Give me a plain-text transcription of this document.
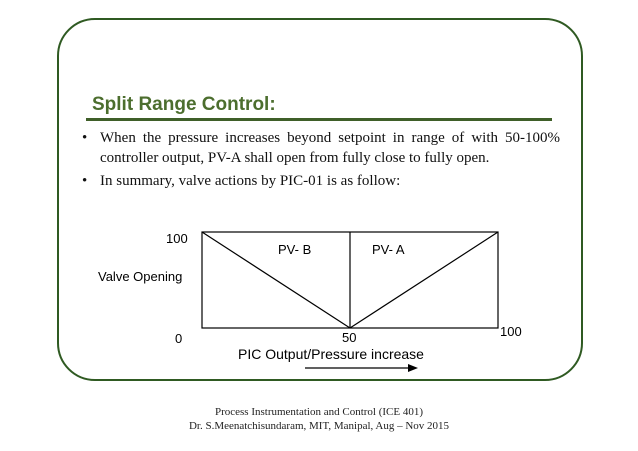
Split Range Control:
• When the pressure increases beyond setpoint in range of with 50-100% controller output, PV-A shall open from fully close to fully open.
• In summary, valve actions by PIC-01 is as follow:
100
Valve Opening
0	50	100
PV- B	PV- A
PIC Output/Pressure increase
Process Instrumentation and Control (ICE 401)
Dr. S.Meenatchisundaram, MIT, Manipal, Aug – Nov 2015
